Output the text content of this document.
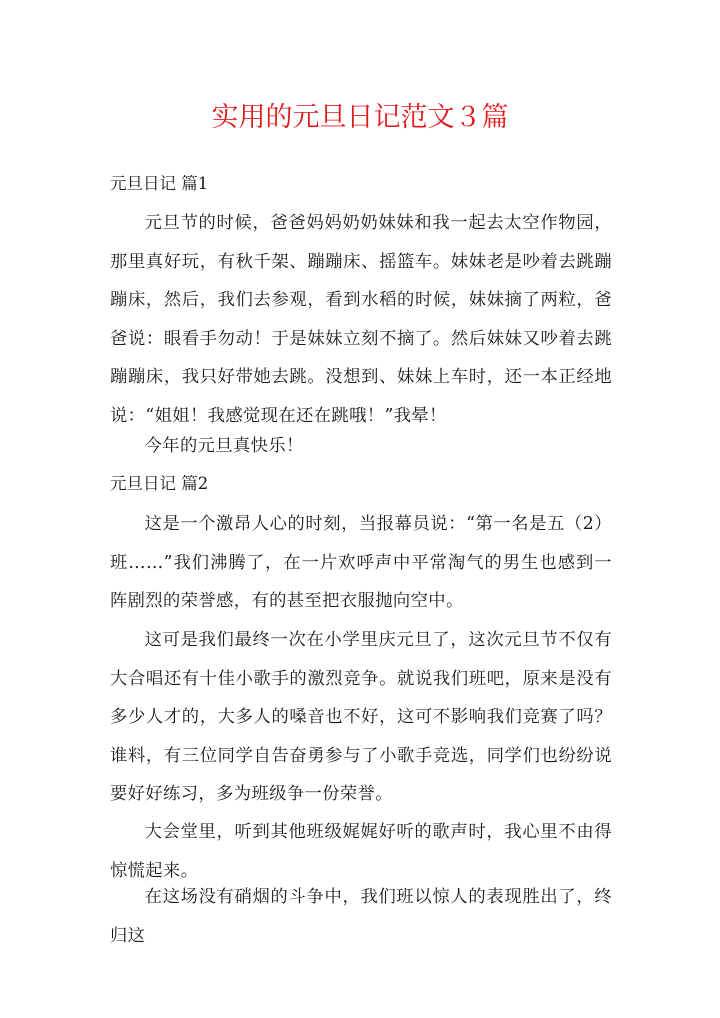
实用的元旦日记范文３篇
元旦日记 篇1
元旦节的时候，爸爸妈妈奶奶妹妹和我一起去太空作物园，那里真好玩，有秋千架、蹦蹦床、摇篮车。妹妹老是吵着去跳蹦蹦床，然后，我们去参观，看到水稻的时候，妹妹摘了两粒，爸爸说：眼看手勿动！于是妹妹立刻不摘了。然后妹妹又吵着去跳蹦蹦床，我只好带她去跳。没想到、妹妹上车时，还一本正经地说：“姐姐！我感觉现在还在跳哦！”我晕！
今年的元旦真快乐！
元旦日记 篇2
这是一个激昂人心的时刻，当报幕员说：“第一名是五（2）班……”我们沸腾了，在一片欢呼声中平常淘气的男生也感到一阵剧烈的荣誉感，有的甚至把衣服抛向空中。
这可是我们最终一次在小学里庆元旦了，这次元旦节不仅有大合唱还有十佳小歌手的激烈竞争。就说我们班吧，原来是没有多少人才的，大多人的嗓音也不好，这可不影响我们竞赛了吗？谁料，有三位同学自告奋勇参与了小歌手竞选，同学们也纷纷说要好好练习，多为班级争一份荣誉。
大会堂里，听到其他班级娓娓好听的歌声时，我心里不由得惊慌起来。
在这场没有硝烟的斗争中，我们班以惊人的表现胜出了，终归这
